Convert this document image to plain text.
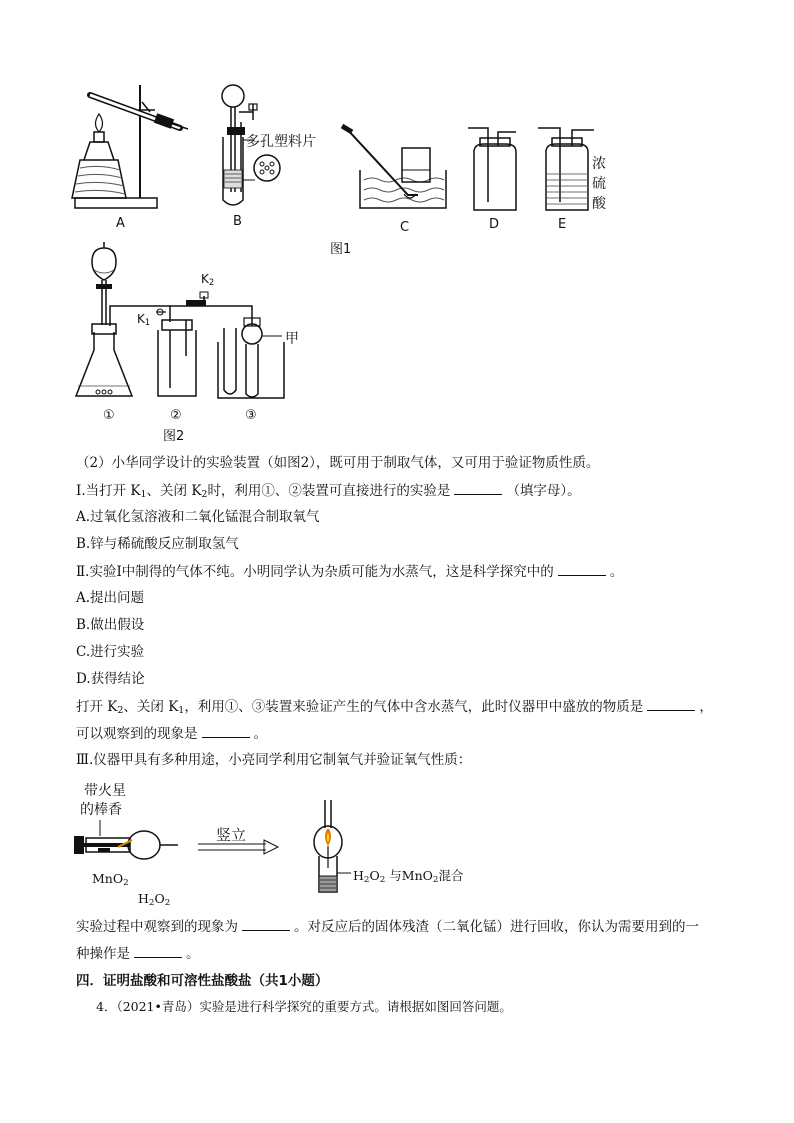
A
多孔塑料片
B	C	D
浓
硫
酸
E
图1
$K_2$
$K_1$
甲
①	②	③
图2
（2）小华同学设计的实验装置（如图2），既可用于制取气体，又可用于验证物质性质。
Ⅰ.当打开 $K_1$、关闭 $K_2$时，利用①、②装置可直接进行的实验是	（填字母）。
A.过氧化氢溶液和二氧化锰混合制取氧气
B.锌与稀硫酸反应制取氢气
Ⅱ.实验Ⅰ中制得的气体不纯。小明同学认为杂质可能为水蒸气，这是科学探究中的	。
A.提出问题
B.做出假设
C.进行实验
D.获得结论
打开 $K_2$、关闭 $K_1$，利用①、③装置来验证产生的气体中含水蒸气，此时仪器甲中盛放的物质是	，
可以观察到的现象是	。
Ⅲ.仪器甲具有多种用途，小亮同学利用它制氧气并验证氧气性质：
带火星
的棒香
MnO$_2$
$H_2O_2$
竖立
$H_2O_2$ 与MnO$_2$混合
实验过程中观察到的现象为	。对反应后的固体残渣（二氧化锰）进行回收，你认为需要用到的一
种操作是	。
四．证明盐酸和可溶性盐酸盐（共1小题）
4．（2021•青岛）实验是进行科学探究的重要方式。请根据如图回答问题。
